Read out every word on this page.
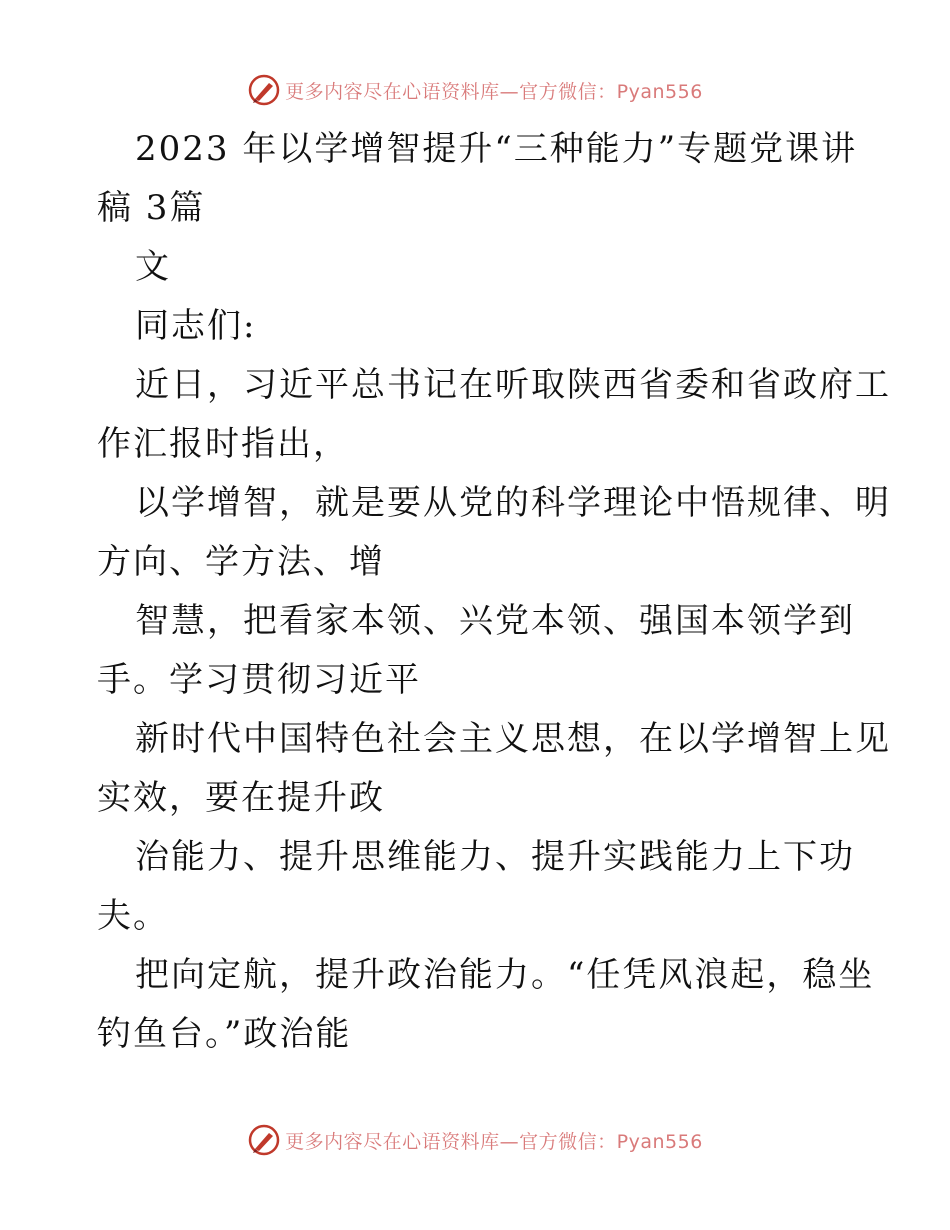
更多内容尽在心语资料库—官方微信：Pyan556
2023 年以学增智提升“三种能力”专题党课讲
稿 3篇
文
同志们:
近日，习近平总书记在听取陕西省委和省政府工
作汇报时指出，
以学增智，就是要从党的科学理论中悟规律、明
方向、学方法、增
智慧，把看家本领、兴党本领、强国本领学到
手。学习贯彻习近平
新时代中国特色社会主义思想，在以学增智上见
实效，要在提升政
治能力、提升思维能力、提升实践能力上下功
夫。
把向定航，提升政治能力。“任凭风浪起，稳坐
钓鱼台。”政治能
更多内容尽在心语资料库—官方微信：Pyan556
